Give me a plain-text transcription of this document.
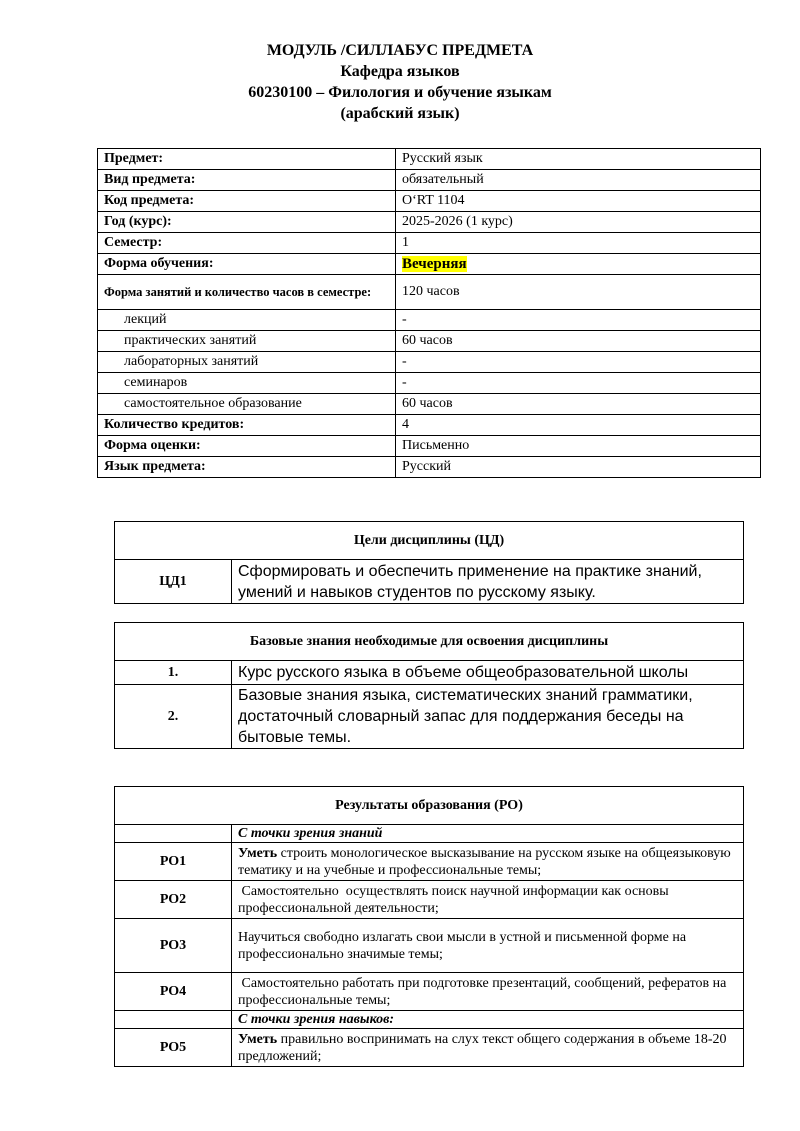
МОДУЛЬ /СИЛЛАБУС ПРЕДМЕТА
Кафедра языков
60230100 – Филология и обучение языкам
(арабский язык)
Предмет:	Русский язык
Вид предмета:	обязательный
Код предмета:	O‘RT 1104
Год (курс):	2025-2026 (1 курс)
Семестр:	1
Форма обучения:	Вечерняя
Форма занятий и количество часов в семестре:	120 часов
лекций	-
практических занятий	60 часов
лабораторных занятий	-
семинаров	-
самостоятельное образование	60 часов
Количество кредитов:	4
Форма оценки:	Письменно
Язык предмета:	Русский
Цели дисциплины (ЦД)
ЦД1	Сформировать и обеспечить применение на практике знаний, умений и навыков студентов по русскому языку.
Базовые знания необходимые для освоения дисциплины	
1.	Курс русского языка в объеме общеобразовательной школы
2.	Базовые знания языка, систематических знаний грамматики, достаточный словарный запас для поддержания беседы на бытовые темы.
Результаты образования (РО)	
	С точки зрения знаний
РО1	Уметь строить монологическое высказывание на русском языке на общеязыковую тематику и на учебные и профессиональные темы;
РО2	Самостоятельно  осуществлять поиск научной информации как основы профессиональной деятельности;
РО3	Научиться свободно излагать свои мысли в устной и письменной форме на
профессионально значимые темы;

РО4	Самостоятельно работать при подготовке презентаций, сообщений, рефератов на профессиональные темы;
	С точки зрения навыков:
РО5	Уметь правильно воспринимать на слух текст общего содержания в объеме 18-20 предложений;
